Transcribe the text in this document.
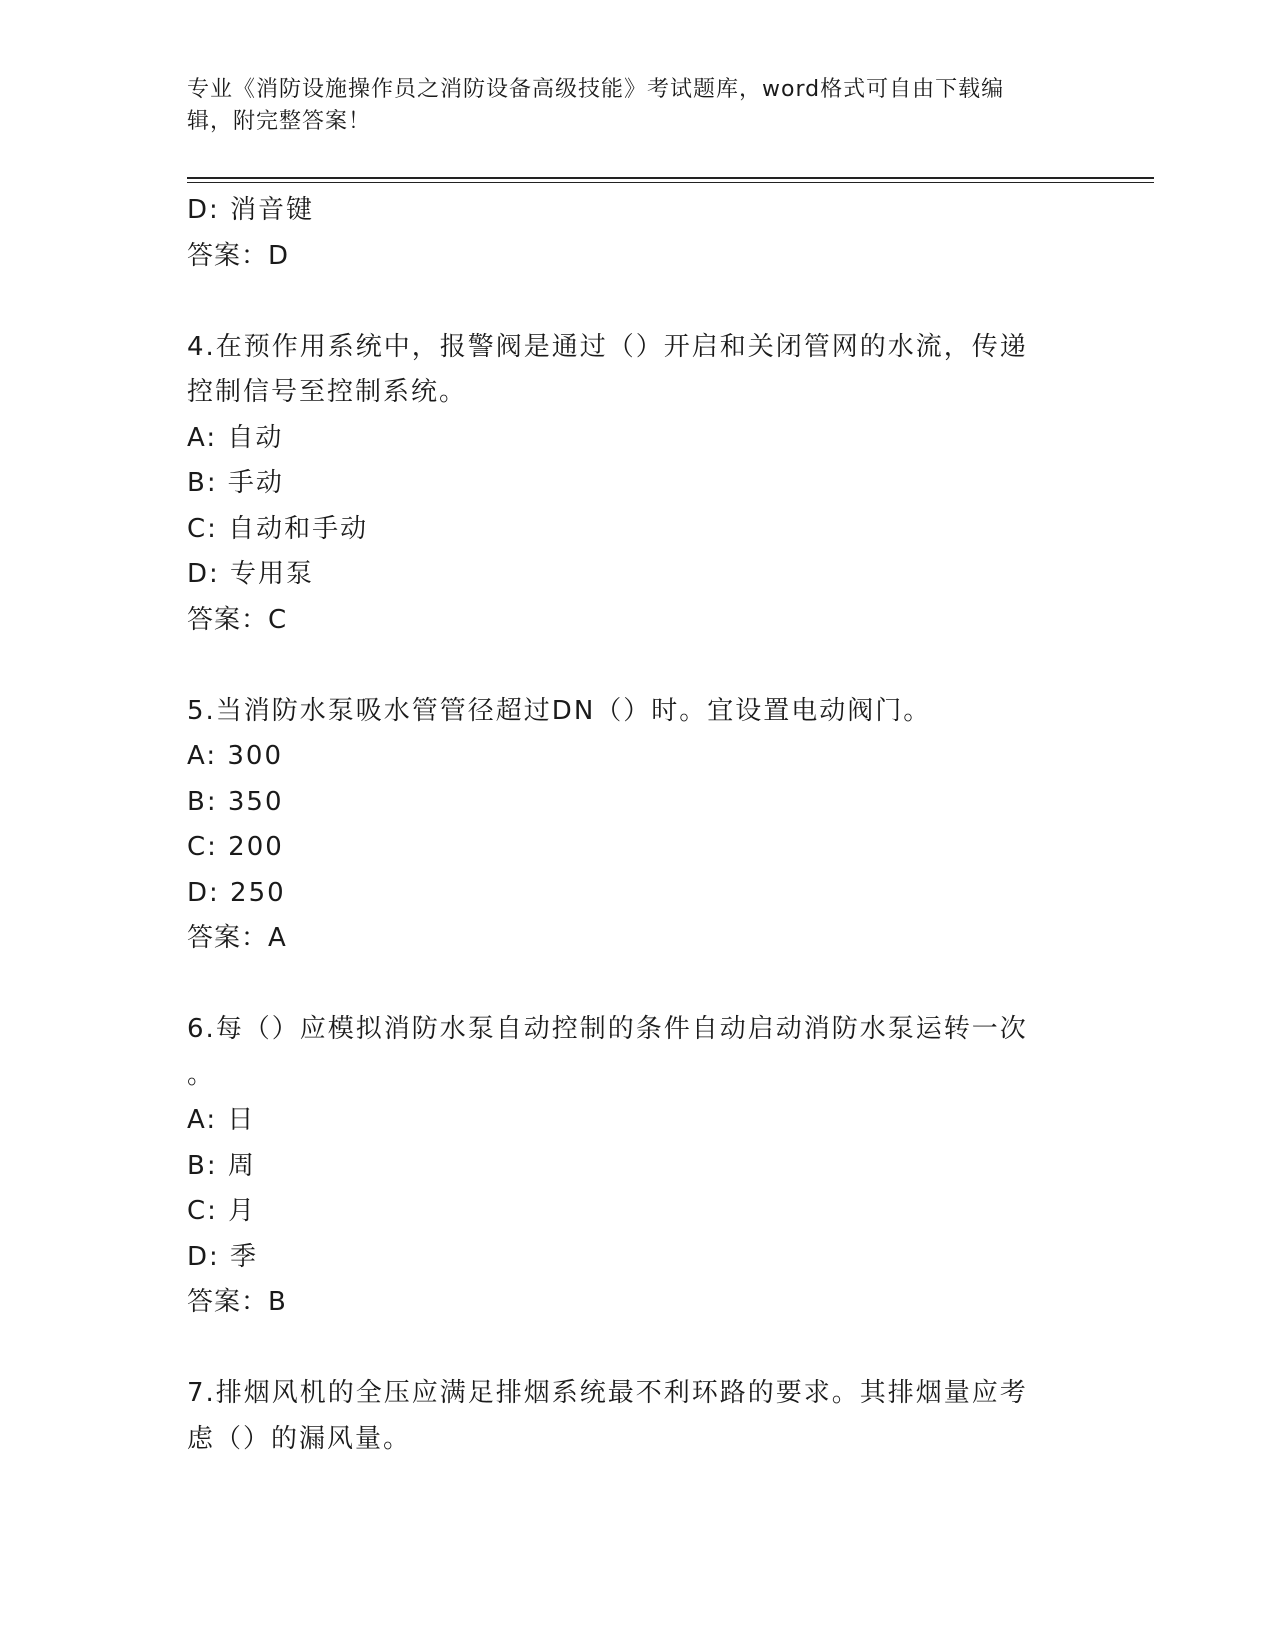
专业《消防设施操作员之消防设备高级技能》考试题库，word格式可自由下载编
辑，附完整答案！
D: 消音键
答案：D
4.在预作用系统中，报警阀是通过（）开启和关闭管网的水流，传递
控制信号至控制系统。
A: 自动
B: 手动
C: 自动和手动
D: 专用泵
答案：C
5.当消防水泵吸水管管径超过DN（）时。宜设置电动阀门。
A: 300
B: 350
C: 200
D: 250
答案：A
6.每（）应模拟消防水泵自动控制的条件自动启动消防水泵运转一次
。
A: 日
B: 周
C: 月
D: 季
答案：B
7.排烟风机的全压应满足排烟系统最不利环路的要求。其排烟量应考
虑（）的漏风量。
